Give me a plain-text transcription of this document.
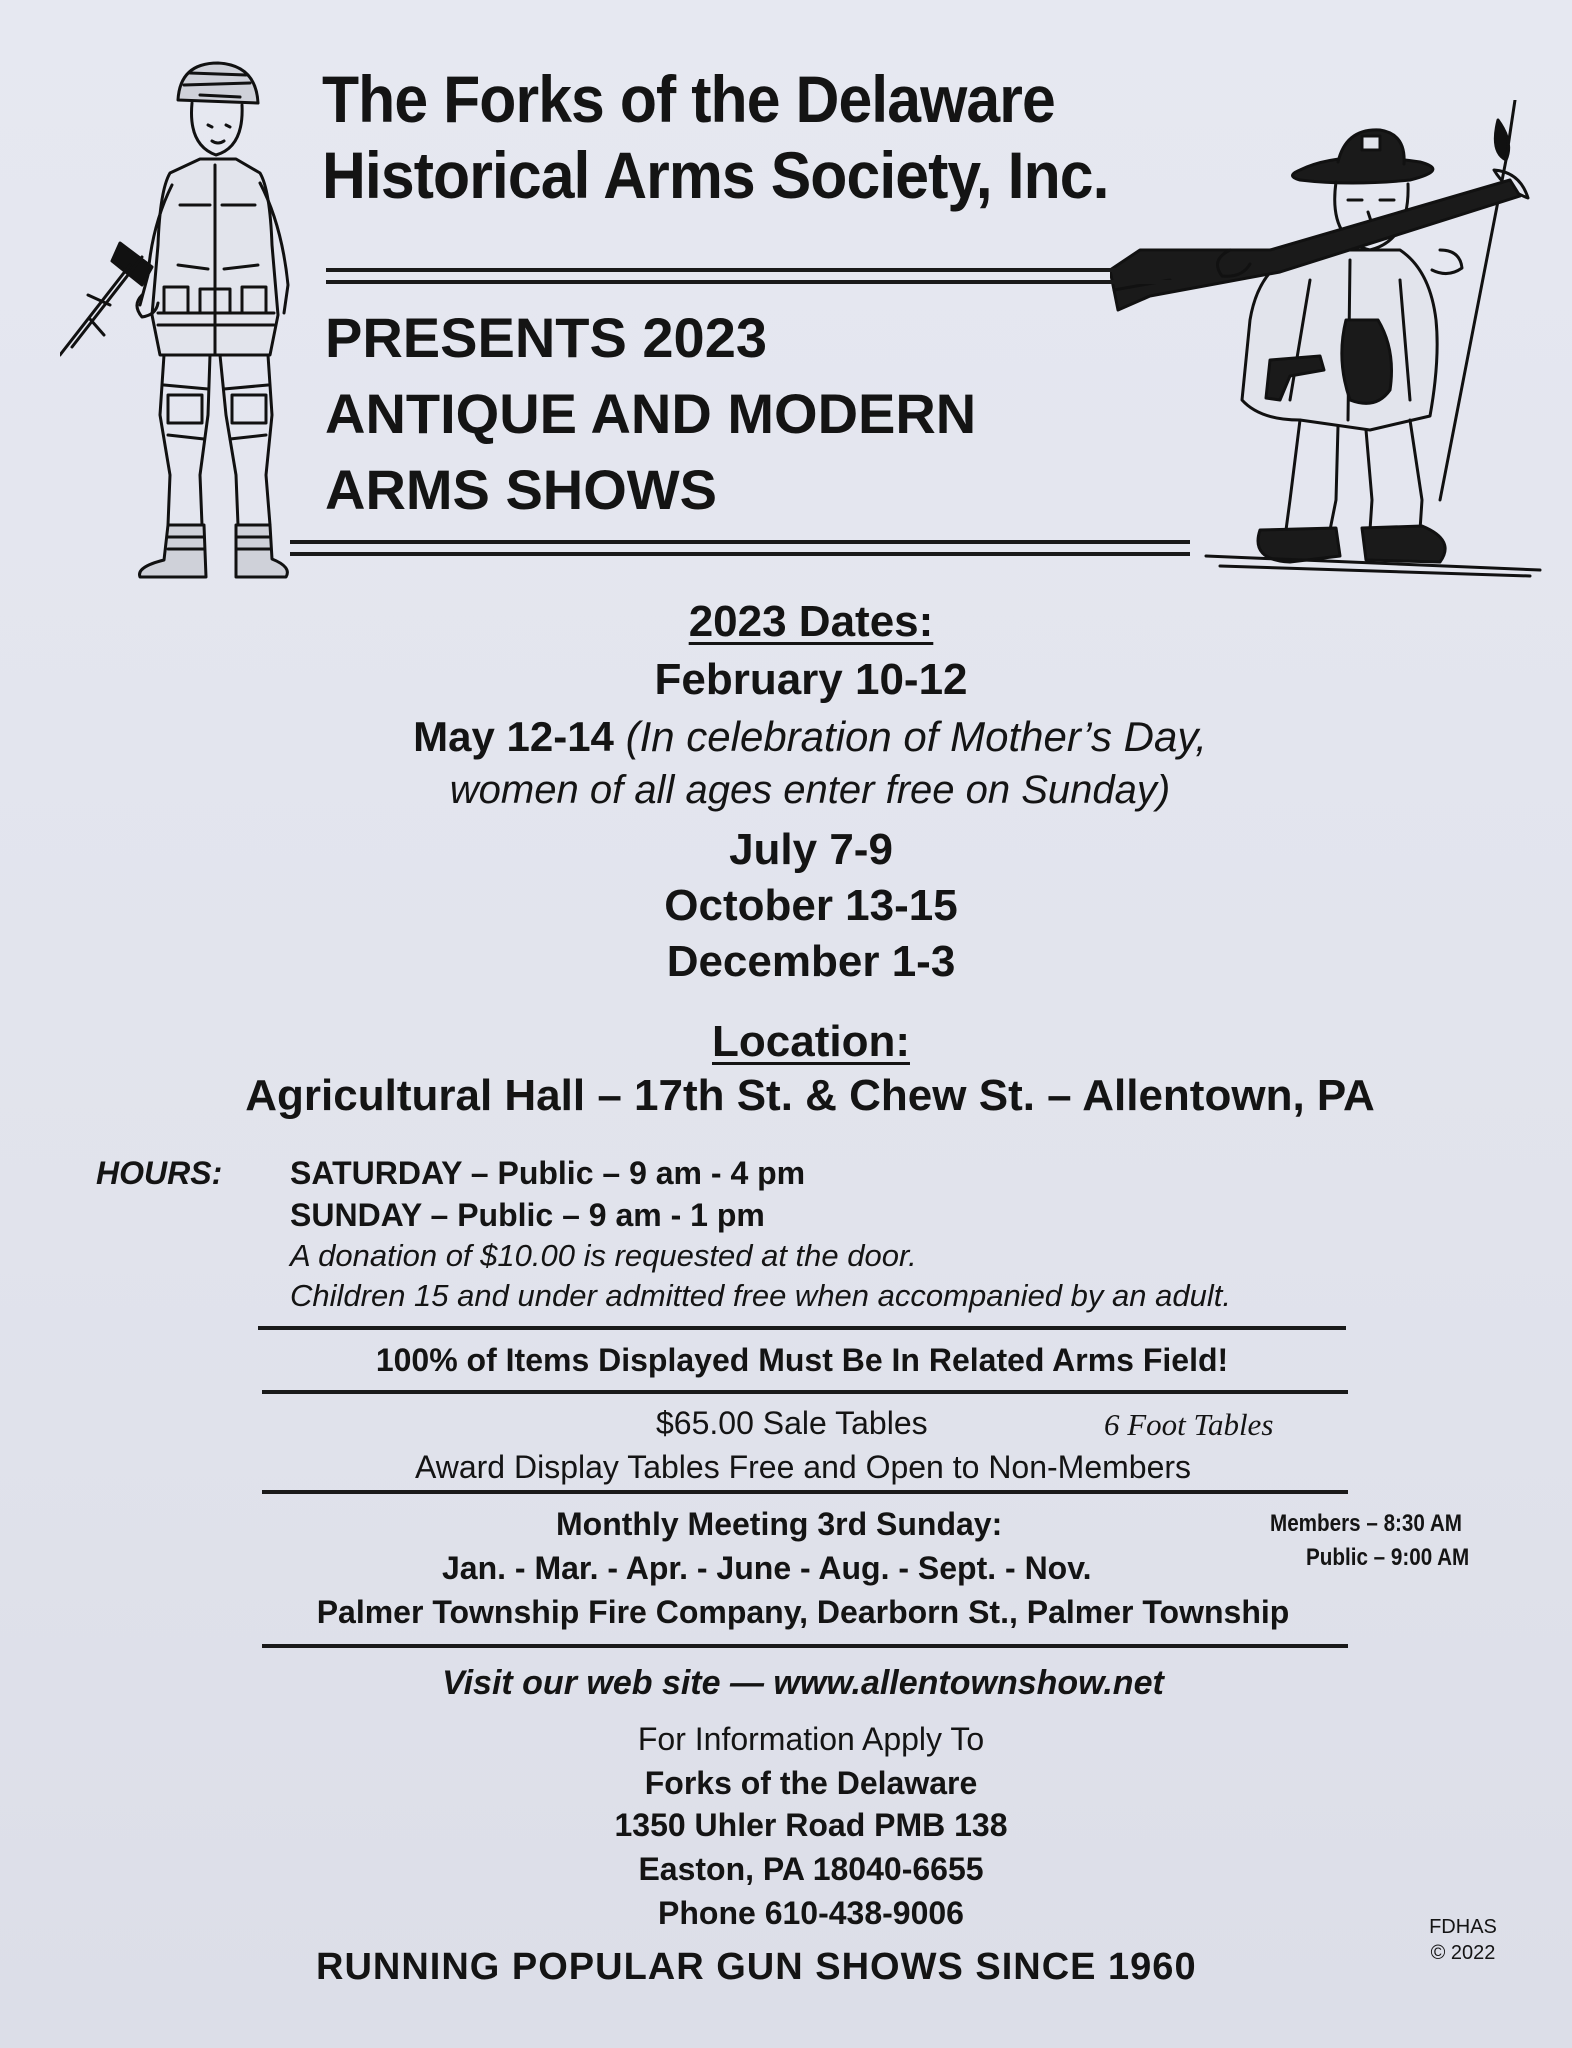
The Forks of the Delaware
Historical Arms Society, Inc.
PRESENTS 2023
ANTIQUE AND MODERN
ARMS SHOWS
2023 Dates:
February 10-12
May 12-14 (In celebration of Mother’s Day,
women of all ages enter free on Sunday)
July 7-9
October 13-15
December 1-3
Location:
Agricultural Hall – 17th St. & Chew St. – Allentown, PA
HOURS: SATURDAY – Public – 9 am - 4 pm
SUNDAY – Public – 9 am - 1 pm
A donation of $10.00 is requested at the door.
Children 15 and under admitted free when accompanied by an adult.
100% of Items Displayed Must Be In Related Arms Field!
$65.00 Sale Tables	6 Foot Tables
Award Display Tables Free and Open to Non-Members
Monthly Meeting 3rd Sunday:
Jan. - Mar. - Apr. - June - Aug. - Sept. - Nov.
Palmer Township Fire Company, Dearborn St., Palmer Township
Members – 8:30 AM
Public – 9:00 AM
Visit our web site — www.allentownshow.net
For Information Apply To
Forks of the Delaware
1350 Uhler Road PMB 138
Easton, PA 18040-6655
Phone 610-438-9006
RUNNING POPULAR GUN SHOWS SINCE 1960
FDHAS
© 2022
